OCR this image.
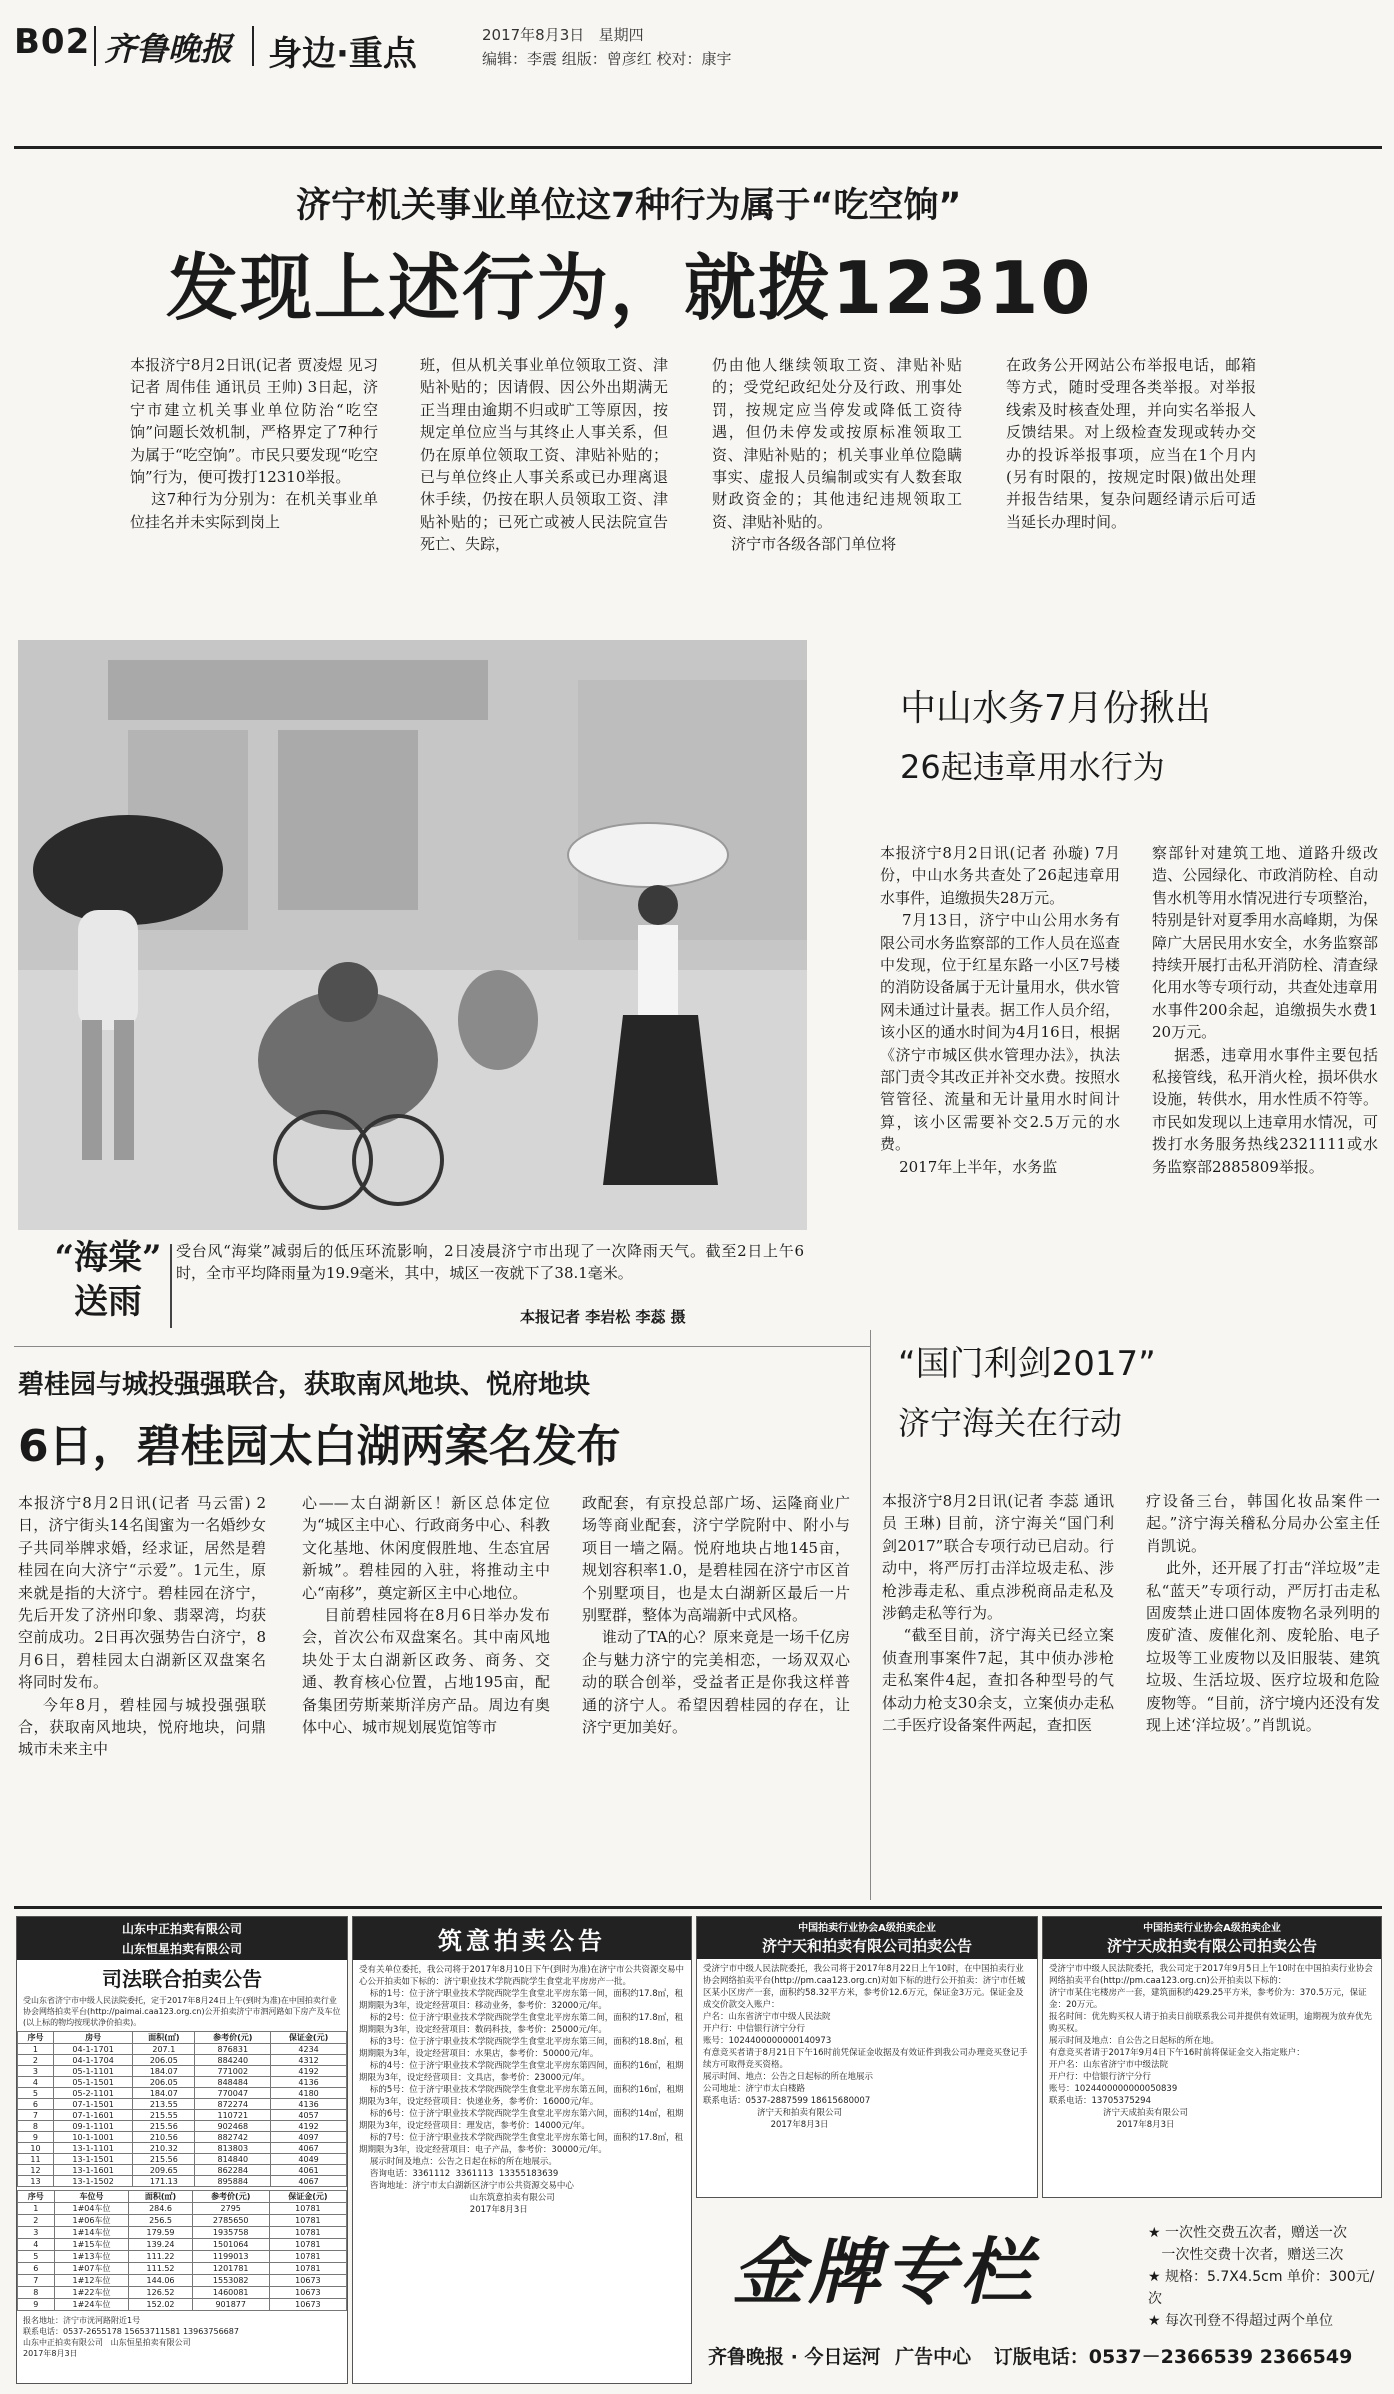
B02 齐鲁晚报 身边·重点	2017年8月3日 星期四
编辑：李震 组版：曾彦红 校对：康宇
济宁机关事业单位这7种行为属于“吃空饷”
发现上述行为，就拨12310
本报济宁8月2日讯(记者 贾凌煜 见习记者 周伟佳 通讯员 王帅) 3日起，济宁市建立机关事业单位防治“吃空饷”问题长效机制，严格界定了7种行为属于“吃空饷”。市民只要发现“吃空饷”行为，便可拨打12310举报。
这7种行为分别为：在机关事业单位挂名并未实际到岗上
班，但从机关事业单位领取工资、津贴补贴的；因请假、因公外出期满无正当理由逾期不归或旷工等原因，按规定单位应当与其终止人事关系，但仍在原单位领取工资、津贴补贴的；已与单位终止人事关系或已办理离退休手续，仍按在职人员领取工资、津贴补贴的；已死亡或被人民法院宣告死亡、失踪，
仍由他人继续领取工资、津贴补贴的；受党纪政纪处分及行政、刑事处罚，按规定应当停发或降低工资待遇，但仍未停发或按原标准领取工资、津贴补贴的；机关事业单位隐瞒事实、虚报人员编制或实有人数套取财政资金的；其他违纪违规领取工资、津贴补贴的。
济宁市各级各部门单位将
在政务公开网站公布举报电话，邮箱等方式，随时受理各类举报。对举报线索及时核查处理，并向实名举报人反馈结果。对上级检查发现或转办交办的投诉举报事项，应当在1个月内(另有时限的，按规定时限)做出处理并报告结果，复杂问题经请示后可适当延长办理时间。
“海棠”
送雨
受台风“海棠”减弱后的低压环流影响，2日凌晨济宁市出现了一次降雨天气。截至2日上午6时，全市平均降雨量为19.9毫米，其中，城区一夜就下了38.1毫米。
本报记者 李岩松 李蕊 摄
中山水务7月份揪出
26起违章用水行为
本报济宁8月2日讯(记者 孙璇) 7月份，中山水务共查处了26起违章用水事件，追缴损失28万元。
7月13日，济宁中山公用水务有限公司水务监察部的工作人员在巡查中发现，位于红星东路一小区7号楼的消防设备属于无计量用水，供水管网未通过计量表。据工作人员介绍，该小区的通水时间为4月16日，根据《济宁市城区供水管理办法》，执法部门责令其改正并补交水费。按照水管管径、流量和无计量用水时间计算，该小区需要补交2.5万元的水费。
2017年上半年，水务监
察部针对建筑工地、道路升级改造、公园绿化、市政消防栓、自动售水机等用水情况进行专项整治，特别是针对夏季用水高峰期，为保障广大居民用水安全，水务监察部持续开展打击私开消防栓、清查绿化用水等专项行动，共查处违章用水事件200余起，追缴损失水费120万元。
据悉，违章用水事件主要包括私接管线，私开消火栓，损坏供水设施，转供水，用水性质不符等。市民如发现以上违章用水情况，可拨打水务服务热线2321111或水务监察部2885809举报。
碧桂园与城投强强联合，获取南风地块、悦府地块
6日，碧桂园太白湖两案名发布
本报济宁8月2日讯(记者 马云雷) 2日，济宁街头14名闺蜜为一名婚纱女子共同举牌求婚，经求证，居然是碧桂园在向大济宁“示爱”。1元生，原来就是指的大济宁。碧桂园在济宁，先后开发了济州印象、翡翠湾，均获空前成功。2日再次强势告白济宁，8月6日，碧桂园太白湖新区双盘案名将同时发布。
今年8月，碧桂园与城投强强联合，获取南风地块，悦府地块，问鼎城市未来主中
心——太白湖新区！新区总体定位为“城区主中心、行政商务中心、科教文化基地、休闲度假胜地、生态宜居新城”。碧桂园的入驻，将推动主中心“南移”，奠定新区主中心地位。
目前碧桂园将在8月6日举办发布会，首次公布双盘案名。其中南风地块处于太白湖新区政务、商务、交通、教育核心位置，占地195亩，配备集团劳斯莱斯洋房产品。周边有奥体中心、城市规划展览馆等市
政配套，有京投总部广场、运隆商业广场等商业配套，济宁学院附中、附小与项目一墙之隔。悦府地块占地145亩，规划容积率1.0，是碧桂园在济宁市区首个别墅项目，也是太白湖新区最后一片别墅群，整体为高端新中式风格。
谁动了TA的心？原来竟是一场千亿房企与魅力济宁的完美相恋，一场双双心动的联合创举，受益者正是你我这样普通的济宁人。希望因碧桂园的存在，让济宁更加美好。
“国门利剑2017”
济宁海关在行动
本报济宁8月2日讯(记者 李蕊 通讯员 王琳) 目前，济宁海关“国门利剑2017”联合专项行动已启动。行动中，将严厉打击洋垃圾走私、涉枪涉毒走私、重点涉税商品走私及涉鹤走私等行为。
“截至目前，济宁海关已经立案侦查刑事案件7起，其中侦办涉枪走私案件4起，查扣各种型号的气体动力枪支30余支，立案侦办走私二手医疗设备案件两起，查扣医
疗设备三台，韩国化妆品案件一起。”济宁海关稽私分局办公室主任肖凯说。
此外，还开展了打击“洋垃圾”走私“蓝天”专项行动，严厉打击走私固废禁止进口固体废物名录列明的废矿渣、废催化剂、废轮胎、电子垃圾等工业废物以及旧服装、建筑垃圾、生活垃圾、医疗垃圾和危险废物等。“目前，济宁境内还没有发现上述‘洋垃圾’。”肖凯说。
山东中正拍卖有限公司
山东恒星拍卖有限公司
司法联合拍卖公告
受山东省济宁市中级人民法院委托，定于2017年8月24日上午(到时为准)在中国拍卖行业协会网络拍卖平台(http://paimai.caa123.org.cn)公开拍卖济宁市泗河路如下房产及车位(以上标的物均按现状净价拍卖)。
序号	房号	面积(㎡)	参考价(元)	保证金(元)
1	04-1-1701	207.1	876831	4234
2	04-1-1704	206.05	884240	4312
3	05-1-1101	184.07	771002	4192
4	05-1-1501	206.05	848484	4136
5	05-2-1101	184.07	770047	4180
6	07-1-1501	213.55	872274	4136
7	07-1-1601	215.55	110721	4057
8	09-1-1101	215.56	902468	4192
9	10-1-1001	210.56	882742	4097
10	13-1-1101	210.32	813803	4067
11	13-1-1501	215.56	814840	4049
12	13-1-1601	209.65	862284	4061
13	13-1-1502	171.13	895884	4067
序号	车位号	面积(㎡)	参考价(元)	保证金(元)
1	1#04车位	284.6	2795	10781
2	1#06车位	256.5	2785650	10781
3	1#14车位	179.59	1935758	10781
4	1#15车位	139.24	1501064	10781
5	1#13车位	111.22	1199013	10781
6	1#07车位	111.52	1201781	10781
7	1#12车位	144.06	1553082	10673
8	1#22车位	126.52	1460081	10673
9	1#24车位	152.02	901877	10673
报名地址：济宁市洸河路附近1号
联系电话：0537-2655178 15653711581 13963756687
山东中正拍卖有限公司   山东恒星拍卖有限公司
2017年8月3日
筑意拍卖公告
受有关单位委托，我公司将于2017年8月10日下午(到时为准)在济宁市公共资源交易中心公开拍卖如下标的：济宁职业技术学院西院学生食堂北平房房产一批。
标的1号：位于济宁职业技术学院西院学生食堂北平房东第一间，面积约17.8㎡，租期期限为3年，设定经营项目：移动业务，参考价：32000元/年。
标的2号：位于济宁职业技术学院西院学生食堂北平房东第二间，面积约17.8㎡，租期期限为3年，设定经营项目：数码科技，参考价：25000元/年。
标的3号：位于济宁职业技术学院西院学生食堂北平房东第三间，面积约18.8㎡，租期期限为3年，设定经营项目：水果店，参考价：50000元/年。
标的4号：位于济宁职业技术学院西院学生食堂北平房东第四间，面积约16㎡，租期期限为3年，设定经营项目：文具店，参考价：23000元/年。
标的5号：位于济宁职业技术学院西院学生食堂北平房东第五间，面积约16㎡，租期期限为3年，设定经营项目：快递业务，参考价：16000元/年。
标的6号：位于济宁职业技术学院西院学生食堂北平房东第六间，面积约14㎡，租期期限为3年，设定经营项目：理发店，参考价：14000元/年。
标的7号：位于济宁职业技术学院西院学生食堂北平房东第七间，面积约17.8㎡，租期期限为3年，设定经营项目：电子产品，参考价：30000元/年。
展示时间及地点：公告之日起在标的所在地展示。
咨询电话：3361112  3361113  13355183639
咨询地址：济宁市太白湖新区济宁市公共资源交易中心
山东筑意拍卖有限公司
2017年8月3日
中国拍卖行业协会A级拍卖企业
济宁天和拍卖有限公司拍卖公告
受济宁市中级人民法院委托，我公司将于2017年8月22日上午10时，在中国拍卖行业协会网络拍卖平台(http://pm.caa123.org.cn)对如下标的进行公开拍卖：济宁市任城区某小区房产一套，面积约58.32平方米，参考价12.6万元，保证金3万元。保证金及成交价款交入账户：
户名：山东省济宁市中级人民法院
开户行：中信银行济宁分行
账号：1024400000000140973
有意竞买者请于8月21日下午16时前凭保证金收据及有效证件到我公司办理竞买登记手续方可取得竞买资格。
展示时间、地点：公告之日起标的所在地展示
公司地址：济宁市太白楼路
联系电话：0537-2887599 18615680007
济宁天和拍卖有限公司
2017年8月3日
中国拍卖行业协会A级拍卖企业
济宁天成拍卖有限公司拍卖公告
受济宁市中级人民法院委托，我公司定于2017年9月5日上午10时在中国拍卖行业协会网络拍卖平台(http://pm.caa123.org.cn)公开拍卖以下标的：
济宁市某住宅楼房产一套，建筑面积约429.25平方米，参考价为：370.5万元，保证金：20万元。
报名时间：优先购买权人请于拍卖日前联系我公司并提供有效证明，逾期视为放弃优先购买权。
展示时间及地点：自公告之日起标的所在地。
有意竞买者请于2017年9月4日下午16时前将保证金交入指定账户：
开户名：山东省济宁市中级法院
开户行：中信银行济宁分行
账号：1024400000000050839
联系电话：13705375294
济宁天成拍卖有限公司
2017年8月3日
金牌专栏	★ 一次性交费五次者，赠送一次
一次性交费十次者，赠送三次
★ 规格：5.7X4.5cm 单价：300元/次
★ 每次刊登不得超过两个单位
齐鲁晚报 · 今日运河 广告中心 订版电话：0537－2366539 2366549
